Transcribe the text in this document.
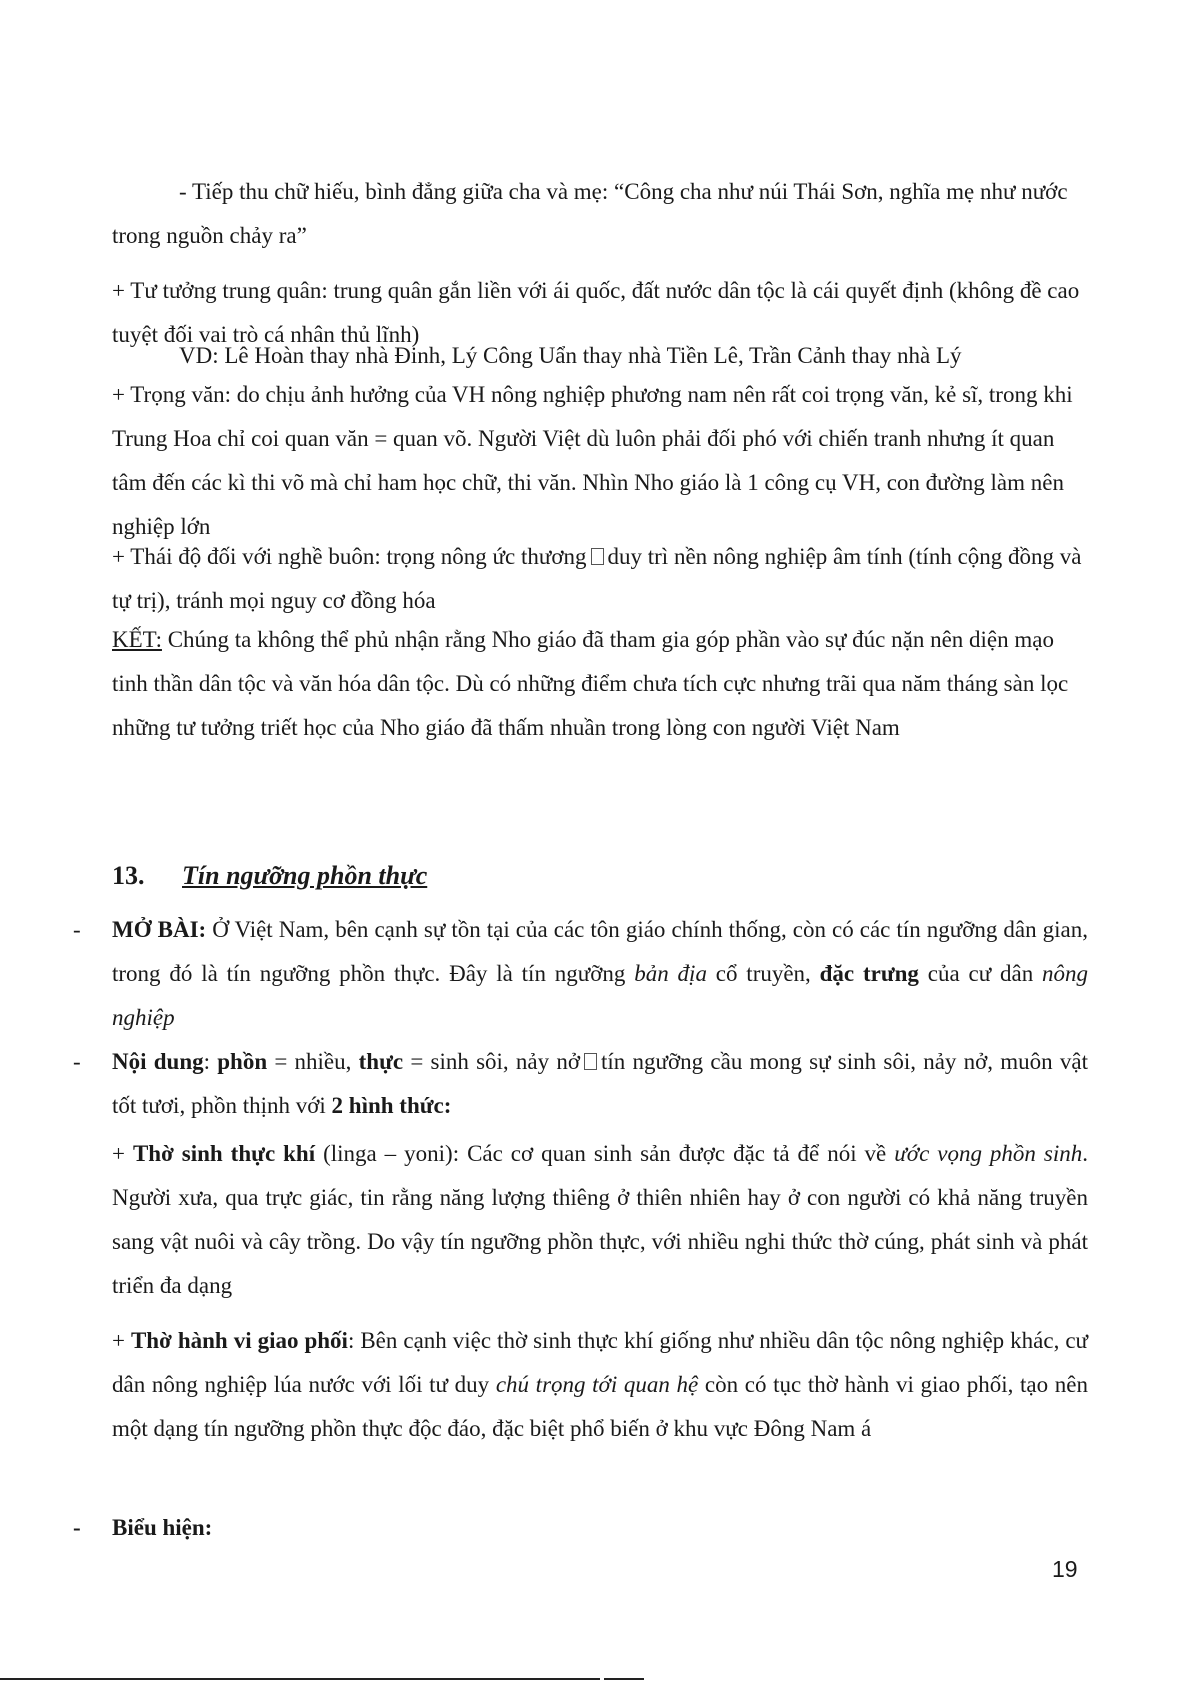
- Tiếp thu chữ hiếu, bình đẳng giữa cha và mẹ: “Công cha như núi Thái Sơn, nghĩa mẹ như nước trong nguồn chảy ra”

+ Tư tưởng trung quân: trung quân gắn liền với ái quốc, đất nước dân tộc là cái quyết định (không đề cao tuyệt đối vai trò cá nhân thủ lĩnh)

VD: Lê Hoàn thay nhà Đinh, Lý Công Uẩn thay nhà Tiền Lê, Trần Cảnh thay nhà Lý

+ Trọng văn: do chịu ảnh hưởng của VH nông nghiệp phương nam nên rất coi trọng văn, kẻ sĩ, trong khi Trung Hoa chỉ coi quan văn = quan võ. Người Việt dù luôn phải đối phó với chiến tranh nhưng ít quan tâm đến các kì thi võ mà chỉ ham học chữ, thi văn. Nhìn Nho giáo là 1 công cụ VH, con đường làm nên nghiệp lớn

+ Thái độ đối với nghề buôn: trọng nông ức thương duy trì nền nông nghiệp âm tính (tính cộng đồng và tự trị), tránh mọi nguy cơ đồng hóa

KẾT: Chúng ta không thể phủ nhận rằng Nho giáo đã tham gia góp phần vào sự đúc nặn nên diện mạo tinh thần dân tộc và văn hóa dân tộc. Dù có những điểm chưa tích cực nhưng trãi qua năm tháng sàn lọc những tư tưởng triết học của Nho giáo đã thấm nhuần trong lòng con người Việt Nam

13. Tín ngưỡng phồn thực
- MỞ BÀI: Ở Việt Nam, bên cạnh sự tồn tại của các tôn giáo chính thống, còn có các tín ngưỡng dân gian, trong đó là tín ngưỡng phồn thực. Đây là tín ngưỡng bản địa cổ truyền, đặc trưng của cư dân nông nghiệp

- Nội dung: phồn = nhiều, thực = sinh sôi, nảy nở tín ngưỡng cầu mong sự sinh sôi, nảy nở, muôn vật tốt tươi, phồn thịnh với 2 hình thức:

+ Thờ sinh thực khí (linga – yoni): Các cơ quan sinh sản được đặc tả để nói về ước vọng phồn sinh. Người xưa, qua trực giác, tin rằng năng lượng thiêng ở thiên nhiên hay ở con người có khả năng truyền sang vật nuôi và cây trồng. Do vậy tín ngưỡng phồn thực, với nhiều nghi thức thờ cúng, phát sinh và phát triển đa dạng

+ Thờ hành vi giao phối: Bên cạnh việc thờ sinh thực khí giống như nhiều dân tộc nông nghiệp khác, cư dân nông nghiệp lúa nước với lối tư duy chú trọng tới quan hệ còn có tục thờ hành vi giao phối, tạo nên một dạng tín ngưỡng phồn thực độc đáo, đặc biệt phổ biến ở khu vực Đông Nam á

- Biểu hiện:

19
